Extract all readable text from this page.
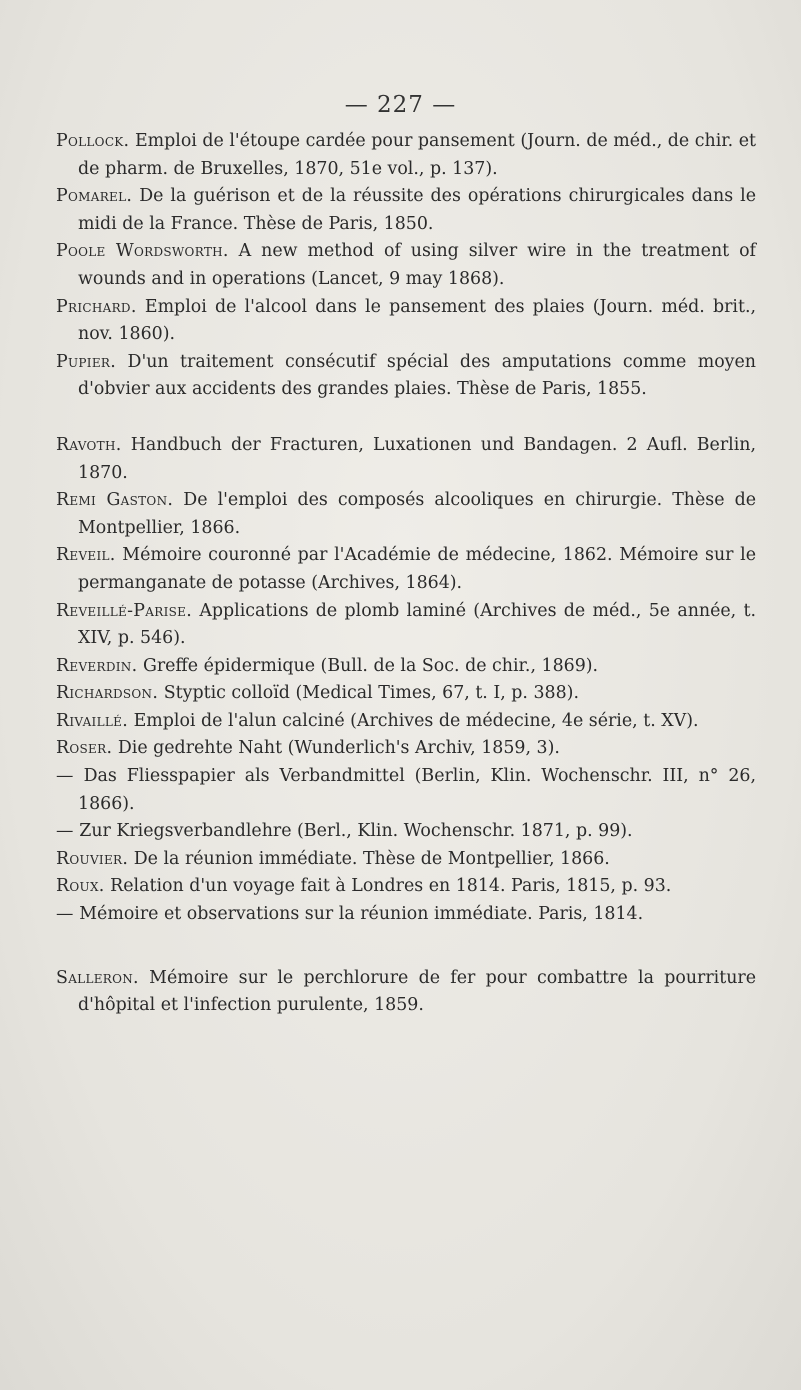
— 227 —

Pollock. Emploi de l'étoupe cardée pour pansement (Journ. de méd., de chir. et de pharm. de Bruxelles, 1870, 51e vol., p. 137).

Pomarel. De la guérison et de la réussite des opérations chirurgicales dans le midi de la France. Thèse de Paris, 1850.

Poole Wordsworth. A new method of using silver wire in the treatment of wounds and in operations (Lancet, 9 may 1868).

Prichard. Emploi de l'alcool dans le pansement des plaies (Journ. méd. brit., nov. 1860).

Pupier. D'un traitement consécutif spécial des amputations comme moyen d'obvier aux accidents des grandes plaies. Thèse de Paris, 1855.

Ravoth. Handbuch der Fracturen, Luxationen und Bandagen. 2 Aufl. Berlin, 1870.

Remi Gaston. De l'emploi des composés alcooliques en chirurgie. Thèse de Montpellier, 1866.

Reveil. Mémoire couronné par l'Académie de médecine, 1862. Mémoire sur le permanganate de potasse (Archives, 1864).

Reveillé-Parise. Applications de plomb laminé (Archives de méd., 5e année, t. XIV, p. 546).

Reverdin. Greffe épidermique (Bull. de la Soc. de chir., 1869).

Richardson. Styptic colloïd (Medical Times, 67, t. I, p. 388).

Rivaillé. Emploi de l'alun calciné (Archives de médecine, 4e série, t. XV).

Roser. Die gedrehte Naht (Wunderlich's Archiv, 1859, 3).

— Das Fliesspapier als Verbandmittel (Berlin, Klin. Wochenschr. III, n° 26, 1866).

— Zur Kriegsverbandlehre (Berl., Klin. Wochenschr. 1871, p. 99).

Rouvier. De la réunion immédiate. Thèse de Montpellier, 1866.

Roux. Relation d'un voyage fait à Londres en 1814. Paris, 1815, p. 93.

— Mémoire et observations sur la réunion immédiate. Paris, 1814.

Salleron. Mémoire sur le perchlorure de fer pour combattre la pourriture d'hôpital et l'infection purulente, 1859.
